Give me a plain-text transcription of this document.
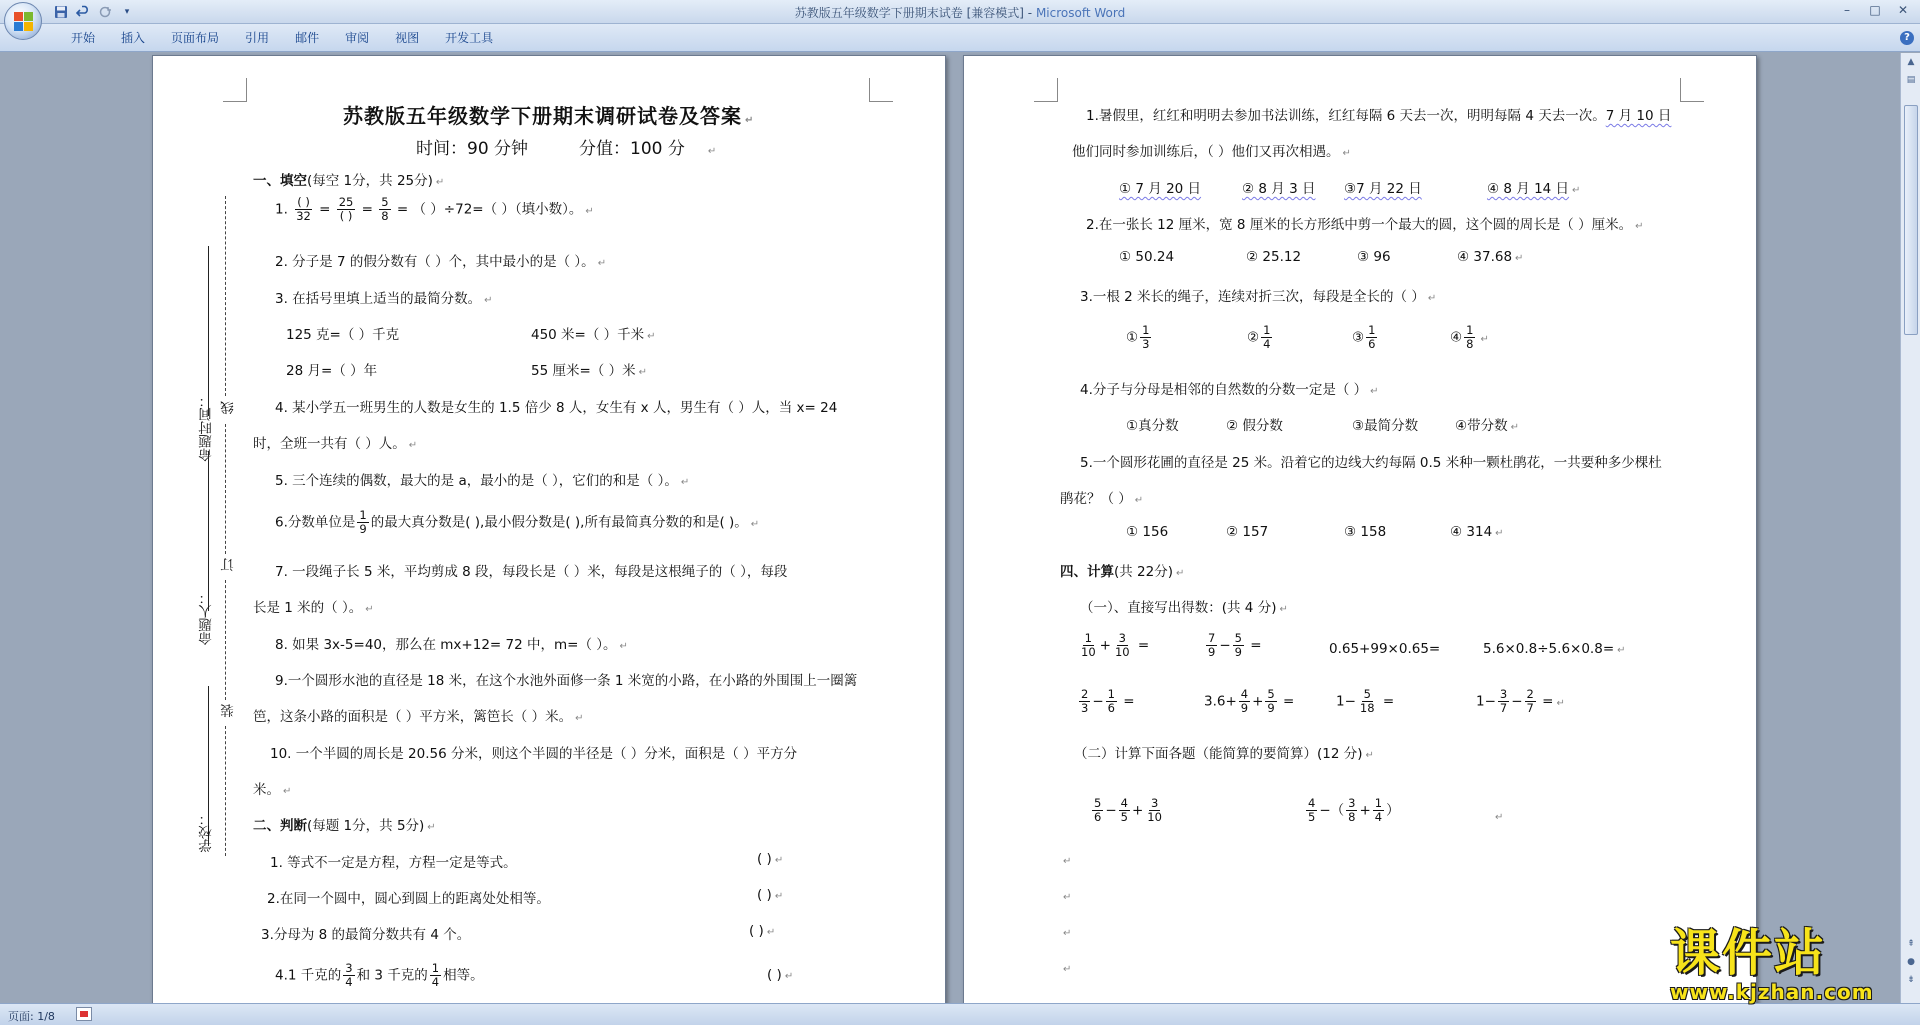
▾	苏教版五年级数学下册期末试卷 [兼容模式] - Microsoft Word	–	□	✕
开始	插入	页面布局	引用	邮件	审阅	视图	开发工具	?
命题时间：
命题人：
学校：
线
订
装
苏教版五年级数学下册期末调研试卷及答案 ↵
时间：90 分钟　　　分值：100 分　　↵
一、填空(每空 1分，共 25分) ↵
1. $\frac{( )}{32} = \frac{25}{( )} = \frac{5}{8}$ = （ ）÷72=（ ）（填小数）。 ↵
2. 分子是 7 的假分数有（ ）个，其中最小的是（ ）。 ↵
3. 在括号里填上适当的最简分数。 ↵
125 克=（ ）千克	450 米=（ ）千米 ↵
28 月=（ ）年	55 厘米=（ ）米 ↵
4. 某小学五一班男生的人数是女生的 1.5 倍少 8 人，女生有 x 人，男生有（ ）人，当 x= 24
时，全班一共有（ ）人。 ↵
5. 三个连续的偶数，最大的是 a，最小的是（ ），它们的和是（ ）。 ↵
6.分数单位是 $\frac{1}{9}$ 的最大真分数是( ),最小假分数是( ),所有最简真分数的和是( )。 ↵
7. 一段绳子长 5 米，平均剪成 8 段，每段长是（ ）米，每段是这根绳子的（ ），每段
长是 1 米的（ ）。 ↵
8. 如果 3x-5=40，那么在 mx+12= 72 中，m=（ ）。 ↵
9.一个圆形水池的直径是 18 米，在这个水池外面修一条 1 米宽的小路，在小路的外围围上一圈篱
笆，这条小路的面积是（ ）平方米，篱笆长（ ）米。 ↵
10. 一个半圆的周长是 20.56 分米，则这个半圆的半径是（ ）分米，面积是（ ）平方分
米。 ↵
二、判断(每题 1分，共 5分) ↵
1. 等式不一定是方程，方程一定是等式。	( ) ↵
2.在同一个圆中，圆心到圆上的距离处处相等。	( ) ↵
3.分母为 8 的最简分数共有 4 个。	( ) ↵
4.1 千克的 $\frac{3}{4}$ 和 3 千克的 $\frac{1}{4}$ 相等。	( ) ↵
1.暑假里，红红和明明去参加书法训练，红红每隔 6 天去一次，明明每隔 4 天去一次。7 月 10 日
他们同时参加训练后，（ ）他们又再次相遇。 ↵
① 7 月 20 日	② 8 月 3 日 ③7 月 22 日	④ 8 月 14 日 ↵
2.在一张长 12 厘米，宽 8 厘米的长方形纸中剪一个最大的圆，这个圆的周长是（ ）厘米。 ↵
① 50.24	② 25.12	③ 96	④ 37.68 ↵
3.一根 2 米长的绳子，连续对折三次，每段是全长的（ ） ↵
① $\frac{1}{3}$	② $\frac{1}{4}$	③ $\frac{1}{6}$	④ $\frac{1}{8}$ ↵
4.分子与分母是相邻的自然数的分数一定是（ ） ↵
①真分数	② 假分数	③最简分数	④带分数 ↵
5.一个圆形花圃的直径是 25 米。沿着它的边线大约每隔 0.5 米种一颗杜鹃花，一共要种多少棵杜
鹃花？（ ） ↵
① 156	② 157	③ 158	④ 314 ↵
四、计算(共 22分) ↵
（一）、直接写出得数：(共 4 分) ↵
$\frac{1}{10} + \frac{3}{10}$ =	$\frac{7}{9} - \frac{5}{9}$ =	0.65+99×0.65=	5.6×0.8÷5.6×0.8= ↵
$\frac{2}{3} - \frac{1}{6}$ =	$3.6+ \frac{4}{9} + \frac{5}{9}$ =	$1- \frac{5}{18}$ =	$1- \frac{3}{7} - \frac{2}{7}$ = ↵
（二）计算下面各题（能简算的要简算）(12 分) ↵
$\frac{5}{6} - \frac{4}{5} + \frac{3}{10}$	$\frac{4}{5}$ −（ $\frac{3}{8} + \frac{1}{4}$ ）	↵
↵
↵
↵
↵
▲
▤
⇞
●
⇟
页面: 1/8
课件站
www.kjzhan.com
